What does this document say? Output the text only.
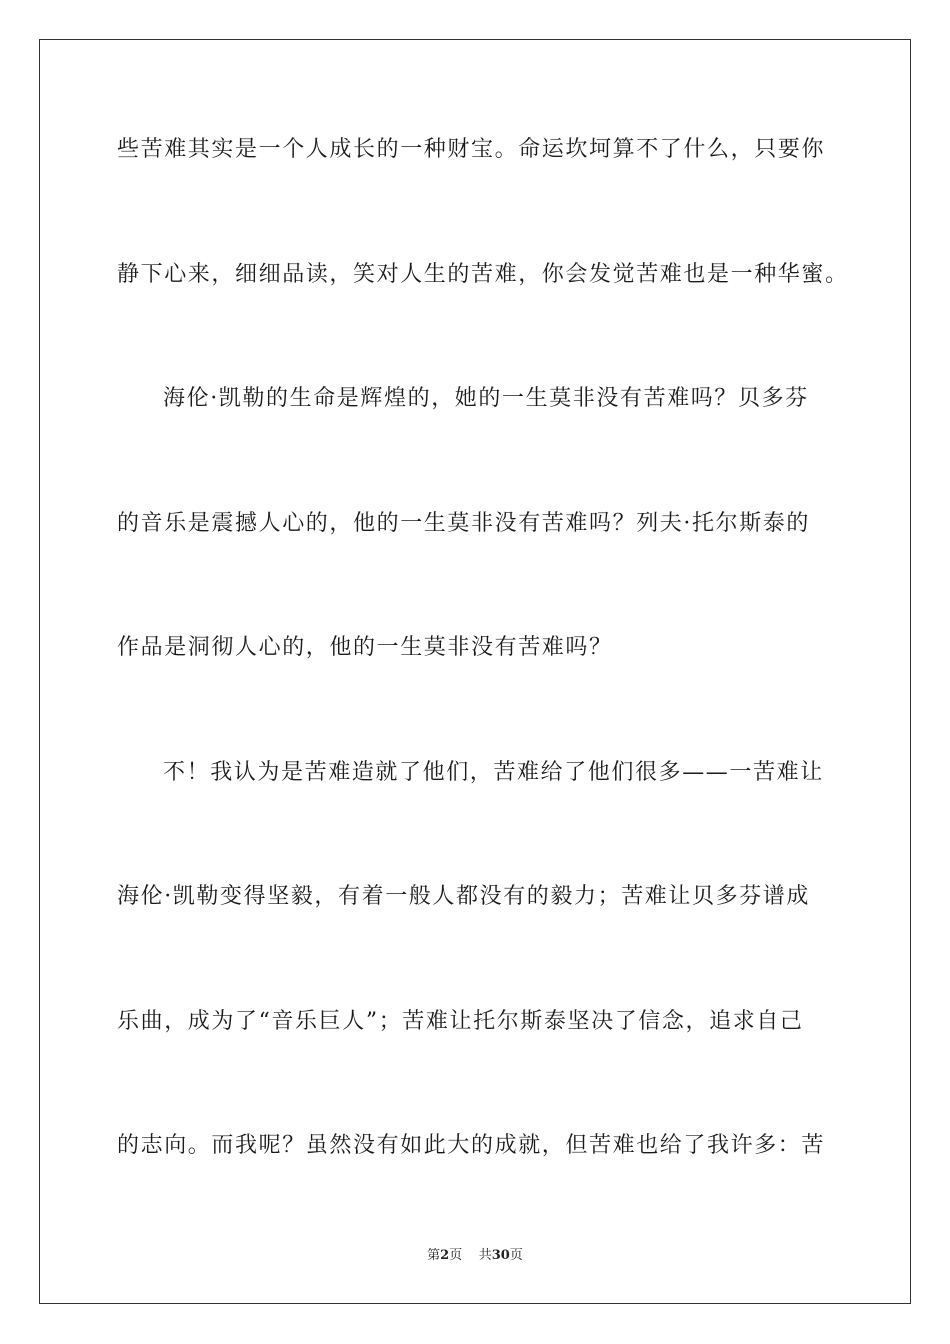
些苦难其实是一个人成长的一种财宝。命运坎坷算不了什么，只要你
静下心来，细细品读，笑对人生的苦难，你会发觉苦难也是一种华蜜。
海伦·凯勒的生命是辉煌的，她的一生莫非没有苦难吗？贝多芬
的音乐是震撼人心的，他的一生莫非没有苦难吗？列夫·托尔斯泰的
作品是洞彻人心的，他的一生莫非没有苦难吗？
不！我认为是苦难造就了他们，苦难给了他们很多——一苦难让
海伦·凯勒变得坚毅，有着一般人都没有的毅力；苦难让贝多芬谱成
乐曲，成为了“音乐巨人”；苦难让托尔斯泰坚决了信念，追求自己
的志向。而我呢？虽然没有如此大的成就，但苦难也给了我许多：苦
第2页 共30页
